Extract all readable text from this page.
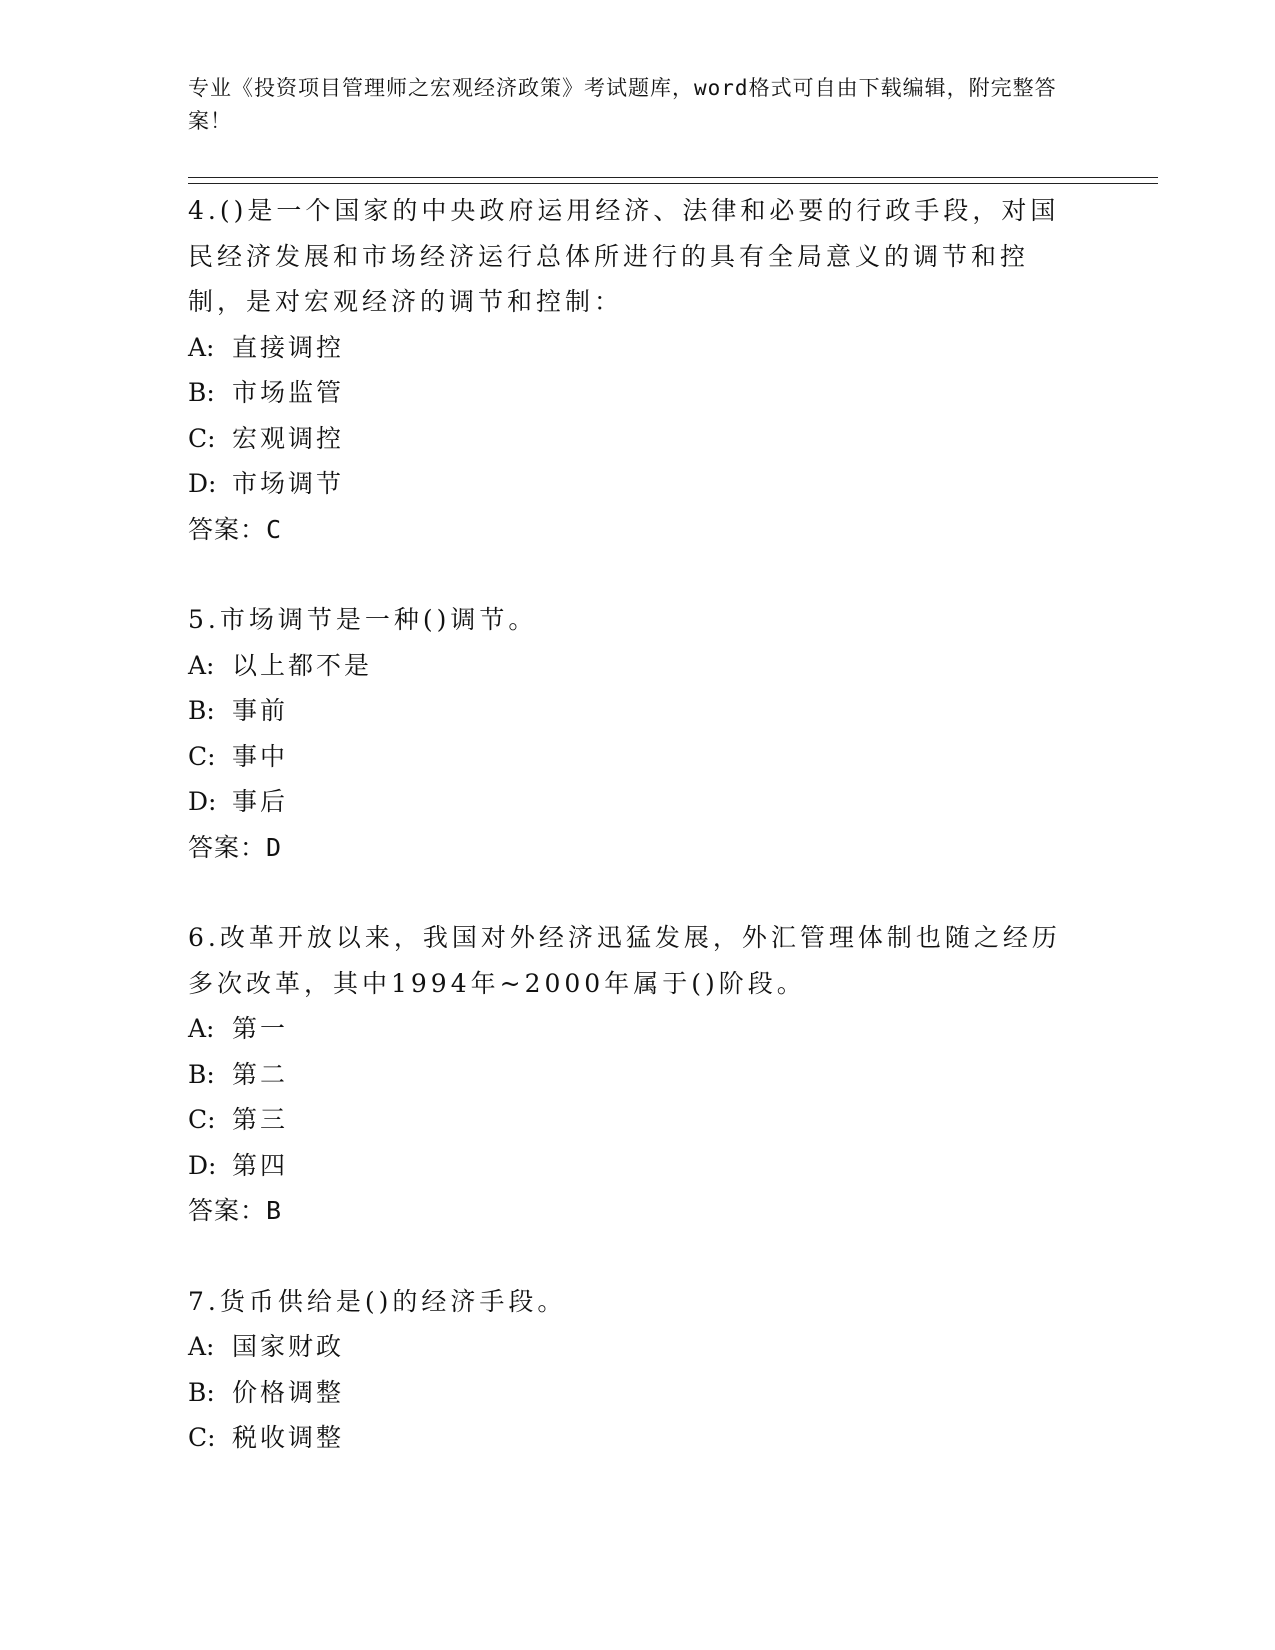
专业《投资项目管理师之宏观经济政策》考试题库，word格式可自由下载编辑，附完整答案！

4.()是一个国家的中央政府运用经济、法律和必要的行政手段，对国民经济发展和市场经济运行总体所进行的具有全局意义的调节和控制，是对宏观经济的调节和控制：

A: 直接调控

B: 市场监管

C: 宏观调控

D: 市场调节

答案：C

5.市场调节是一种()调节。

A: 以上都不是

B: 事前

C: 事中

D: 事后

答案：D

6.改革开放以来，我国对外经济迅猛发展，外汇管理体制也随之经历多次改革，其中1994年~2000年属于()阶段。

A: 第一

B: 第二

C: 第三

D: 第四

答案：B

7.货币供给是()的经济手段。

A: 国家财政

B: 价格调整

C: 税收调整
